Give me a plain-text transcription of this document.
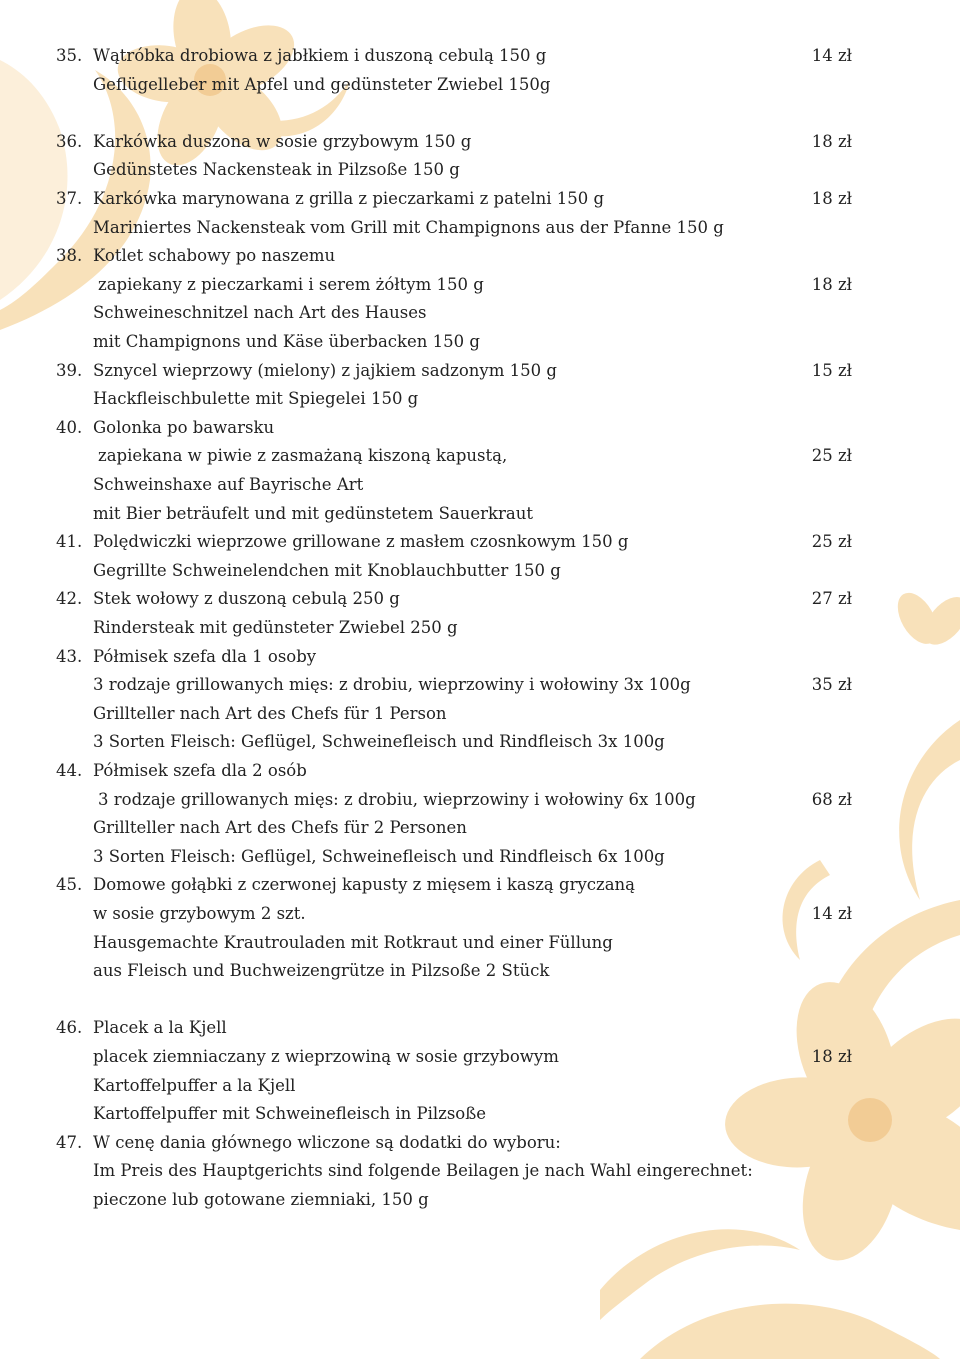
35. Wątróbka drobiowa z jabłkiem i duszoną cebulą 150 g
Geflügelleber mit Apfel und gedünsteter Zwiebel 150g
14 zł
36. Karkówka duszona w sosie grzybowym 150 g
Gedünstetes Nackensteak in Pilzsoße 150 g
18 zł
37. Karkówka marynowana z grilla z pieczarkami z patelni 150 g
Mariniertes Nackensteak vom Grill mit Champignons aus der Pfanne 150 g
18 zł
38. Kotlet schabowy po naszemu
zapiekany z pieczarkami i serem żółtym 150 g
Schweineschnitzel nach Art des Hauses
mit Champignons und Käse überbacken 150 g
18 zł
39. Sznycel wieprzowy (mielony) z jajkiem sadzonym 150 g
Hackfleischbulette mit Spiegelei 150 g
15 zł
40. Golonka po bawarsku
zapiekana w piwie z zasmażaną kiszoną kapustą,
Schweinshaxe auf Bayrische Art
mit Bier beträufelt und mit gedünstetem Sauerkraut
25 zł
41. Polędwiczki wieprzowe grillowane z masłem czosnkowym 150 g
Gegrillte Schweinelendchen mit Knoblauchbutter 150 g
25 zł
42. Stek wołowy z duszoną cebulą 250 g
Rindersteak mit gedünsteter Zwiebel 250 g
27 zł
43. Półmisek szefa dla 1 osoby
3 rodzaje grillowanych mięs: z drobiu, wieprzowiny i wołowiny 3x 100g
Grillteller nach Art des Chefs für 1 Person
3 Sorten Fleisch: Geflügel, Schweinefleisch und Rindfleisch 3x 100g
35 zł
44. Półmisek szefa dla 2 osób
3 rodzaje grillowanych mięs: z drobiu, wieprzowiny i wołowiny 6x 100g
Grillteller nach Art des Chefs für 2 Personen
3 Sorten Fleisch: Geflügel, Schweinefleisch und Rindfleisch 6x 100g
68 zł
45. Domowe gołąbki z czerwonej kapusty z mięsem i kaszą gryczaną
w sosie grzybowym 2 szt.
Hausgemachte Krautrouladen mit Rotkraut und einer Füllung
aus Fleisch und Buchweizengrütze in Pilzsoße 2 Stück
14 zł
46. Placek a la Kjell
placek ziemniaczany z wieprzowiną w sosie grzybowym
Kartoffelpuffer a la Kjell
Kartoffelpuffer mit Schweinefleisch in Pilzsoße
18 zł
47. W cenę dania głównego wliczone są dodatki do wyboru:
Im Preis des Hauptgerichts sind folgende Beilagen je nach Wahl eingerechnet:
pieczone lub gotowane ziemniaki, 150 g
